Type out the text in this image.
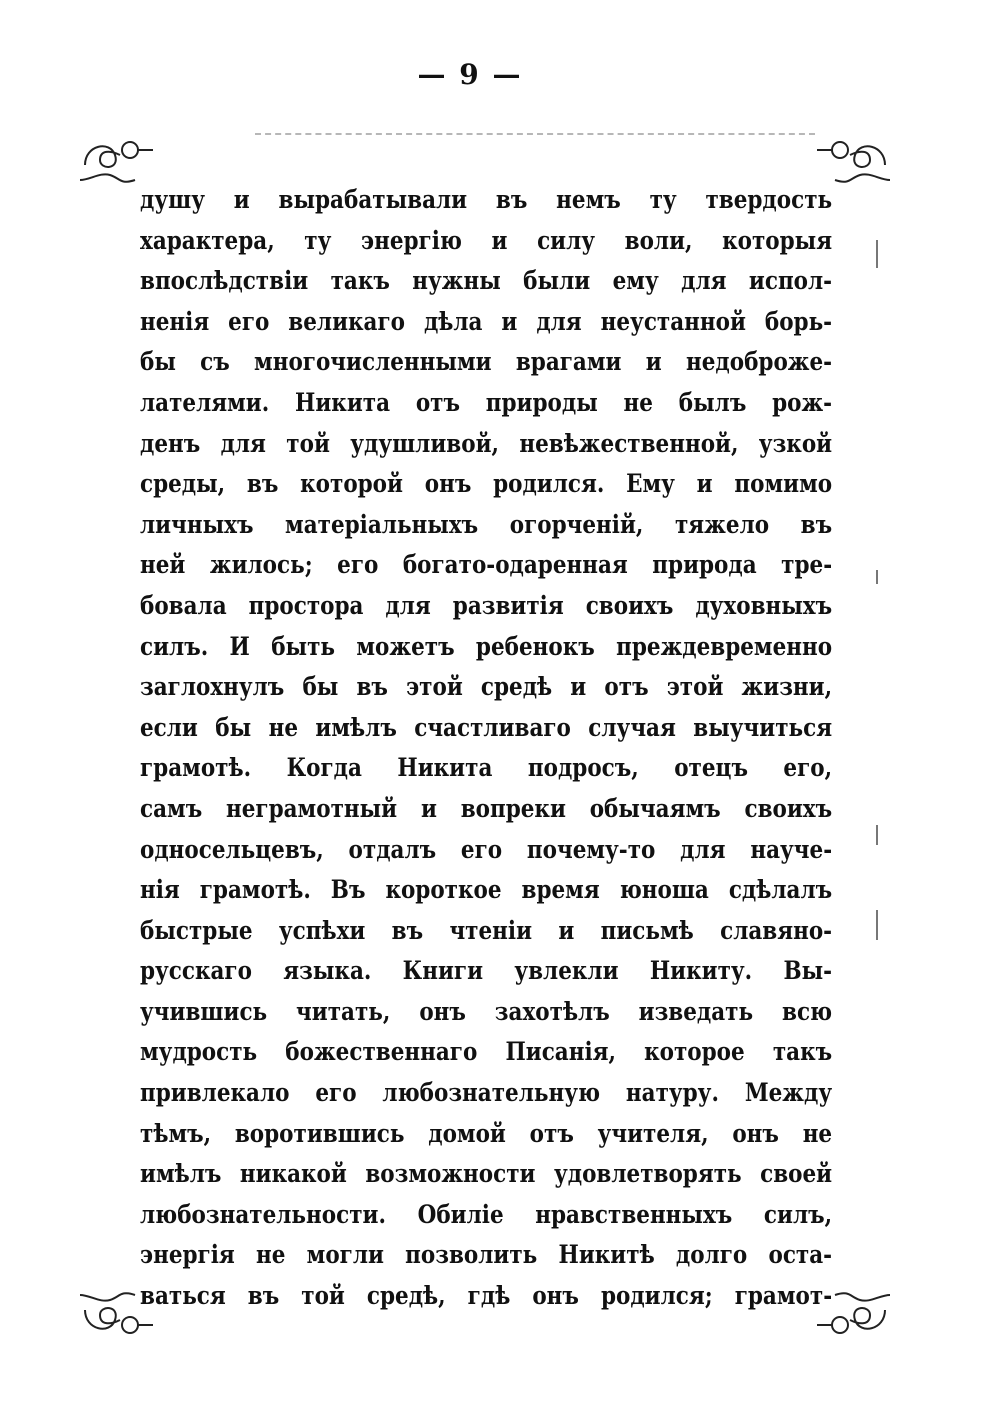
— 9 —
душу и вырабатывали въ немъ ту твердость
характера, ту энергію и силу воли, которыя
впослѣдствіи такъ нужны были ему для испол-
ненія его великаго дѣла и для неустанной борь-
бы съ многочисленными врагами и недоброже-
лателями. Никита отъ природы не былъ рож-
денъ для той удушливой, невѣжественной, узкой
среды, въ которой онъ родился. Ему и помимо
личныхъ матеріальныхъ огорченій, тяжело въ
ней жилось; его богато-одаренная природа тре-
бовала простора для развитія своихъ духовныхъ
силъ. И быть можетъ ребенокъ преждевременно
заглохнулъ бы въ этой средѣ и отъ этой жизни,
если бы не имѣлъ счастливаго случая выучиться
грамотѣ. Когда Никита подросъ, отецъ его,
самъ неграмотный и вопреки обычаямъ своихъ
односельцевъ, отдалъ его почему-то для науче-
нія грамотѣ. Въ короткое время юноша сдѣлалъ
быстрые успѣхи въ чтеніи и письмѣ славяно-
русскаго языка. Книги увлекли Никиту. Вы-
учившись читать, онъ захотѣлъ изведать всю
мудрость божественнаго Писанія, которое такъ
привлекало его любознательную натуру. Между
тѣмъ, воротившись домой отъ учителя, онъ не
имѣлъ никакой возможности удовлетворять своей
любознательности. Обиліе нравственныхъ силъ,
энергія не могли позволить Никитѣ долго оста-
ваться въ той средѣ, гдѣ онъ родился; грамот-
